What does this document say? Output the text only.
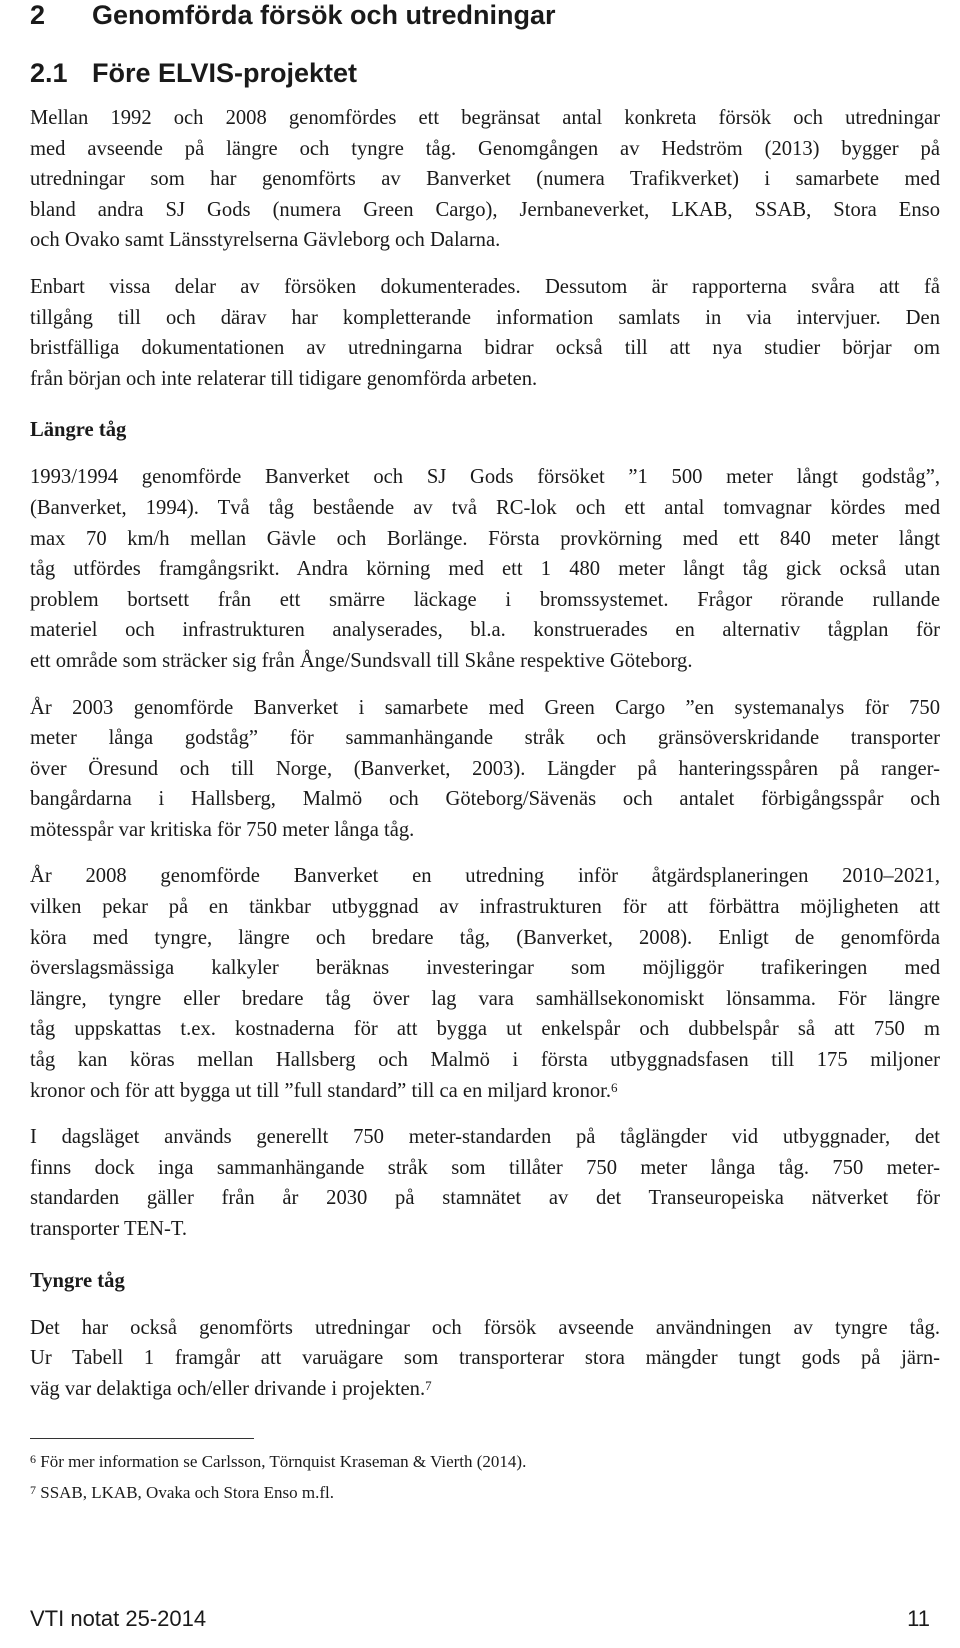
2 Genomförda försök och utredningar
2.1 Före ELVIS-projektet

Mellan 1992 och 2008 genomfördes ett begränsat antal konkreta försök och utredningar
med avseende på längre och tyngre tåg. Genomgången av Hedström (2013) bygger på
utredningar som har genomförts av Banverket (numera Trafikverket) i samarbete med
bland andra SJ Gods (numera Green Cargo), Jernbaneverket, LKAB, SSAB, Stora Enso
och Ovako samt Länsstyrelserna Gävleborg och Dalarna.

Enbart vissa delar av försöken dokumenterades. Dessutom är rapporterna svåra att få
tillgång till och därav har kompletterande information samlats in via intervjuer. Den
bristfälliga dokumentationen av utredningarna bidrar också till att nya studier börjar om
från början och inte relaterar till tidigare genomförda arbeten.

Längre tåg

1993/1994 genomförde Banverket och SJ Gods försöket ”1 500 meter långt godståg”,
(Banverket, 1994). Två tåg bestående av två RC-lok och ett antal tomvagnar kördes med
max 70 km/h mellan Gävle och Borlänge. Första provkörning med ett 840 meter långt
tåg utfördes framgångsrikt. Andra körning med ett 1 480 meter långt tåg gick också utan
problem bortsett från ett smärre läckage i bromssystemet. Frågor rörande rullande
materiel och infrastrukturen analyserades, bl.a. konstruerades en alternativ tågplan för
ett område som sträcker sig från Ånge/Sundsvall till Skåne respektive Göteborg.

År 2003 genomförde Banverket i samarbete med Green Cargo ”en systemanalys för 750
meter långa godståg” för sammanhängande stråk och gränsöverskridande transporter
över Öresund och till Norge, (Banverket, 2003). Längder på hanteringsspåren på ranger-
bangårdarna i Hallsberg, Malmö och Göteborg/Sävenäs och antalet förbigångsspår och
mötesspår var kritiska för 750 meter långa tåg.

År 2008 genomförde Banverket en utredning inför åtgärdsplaneringen 2010–2021,
vilken pekar på en tänkbar utbyggnad av infrastrukturen för att förbättra möjligheten att
köra med tyngre, längre och bredare tåg, (Banverket, 2008). Enligt de genomförda
överslagsmässiga kalkyler beräknas investeringar som möjliggör trafikeringen med
längre, tyngre eller bredare tåg över lag vara samhällsekonomiskt lönsamma. För längre
tåg uppskattas t.ex. kostnaderna för att bygga ut enkelspår och dubbelspår så att 750 m
tåg kan köras mellan Hallsberg och Malmö i första utbyggnadsfasen till 175 miljoner
kronor och för att bygga ut till ”full standard” till ca en miljard kronor.$^6$

I dagsläget används generellt 750 meter-standarden på tåglängder vid utbyggnader, det
finns dock inga sammanhängande stråk som tillåter 750 meter långa tåg. 750 meter-
standarden gäller från år 2030 på stamnätet av det Transeuropeiska nätverket för
transporter TEN-T.

Tyngre tåg

Det har också genomförts utredningar och försök avseende användningen av tyngre tåg.
Ur Tabell 1 framgår att varuägare som transporterar stora mängder tungt gods på järn-
väg var delaktiga och/eller drivande i projekten.$^7$

$^6$ För mer information se Carlsson, Törnquist Kraseman & Vierth (2014).
$^7$ SSAB, LKAB, Ovaka och Stora Enso m.fl.
VTI notat 25-2014	11
